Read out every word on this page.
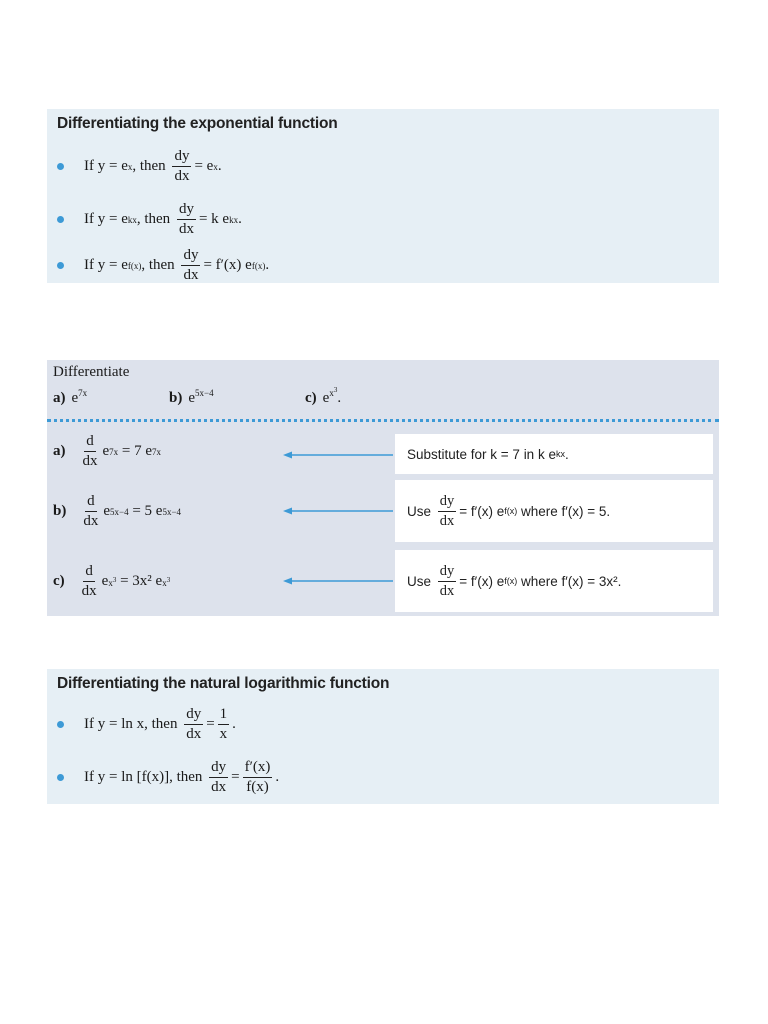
Differentiating the exponential function
If y = e x , then
$\frac{dy}{dx} = e$ x .
If y = e kx , then
$\frac{dy}{dx} = k$ e kx .
If y = e f(x) , then
$\frac{dy}{dx} = f'(x)$ e f(x) .
Differentiate
a) $e^{7x}$	b) $e^{5x-4}$	c) $e^{x^3}$.
$a) \frac{d}{dx}$ e 7x
= 7 e 7x	Substitute for k = 7 in k e kx .
$b) \frac{d}{dx}$ e 5x−4
= 5 e 5x−4	Use
$\frac{dy}{dx} = f'(x)$ e f(x)
where f′(x) = 5.
$c) \frac{d}{dx}$ e $x^3$
= 3x² e $x^3$	Use
$\frac{dy}{dx} = f'(x)$ e f(x)
where f′(x) = 3x².
Differentiating the natural logarithmic function
If y = ln x, then
$\frac{dy}{dx} = \frac{1}{x}$ .
If y = ln [f(x)], then
$\frac{dy}{dx} = \frac{f'(x)}{f(x)}$ .
